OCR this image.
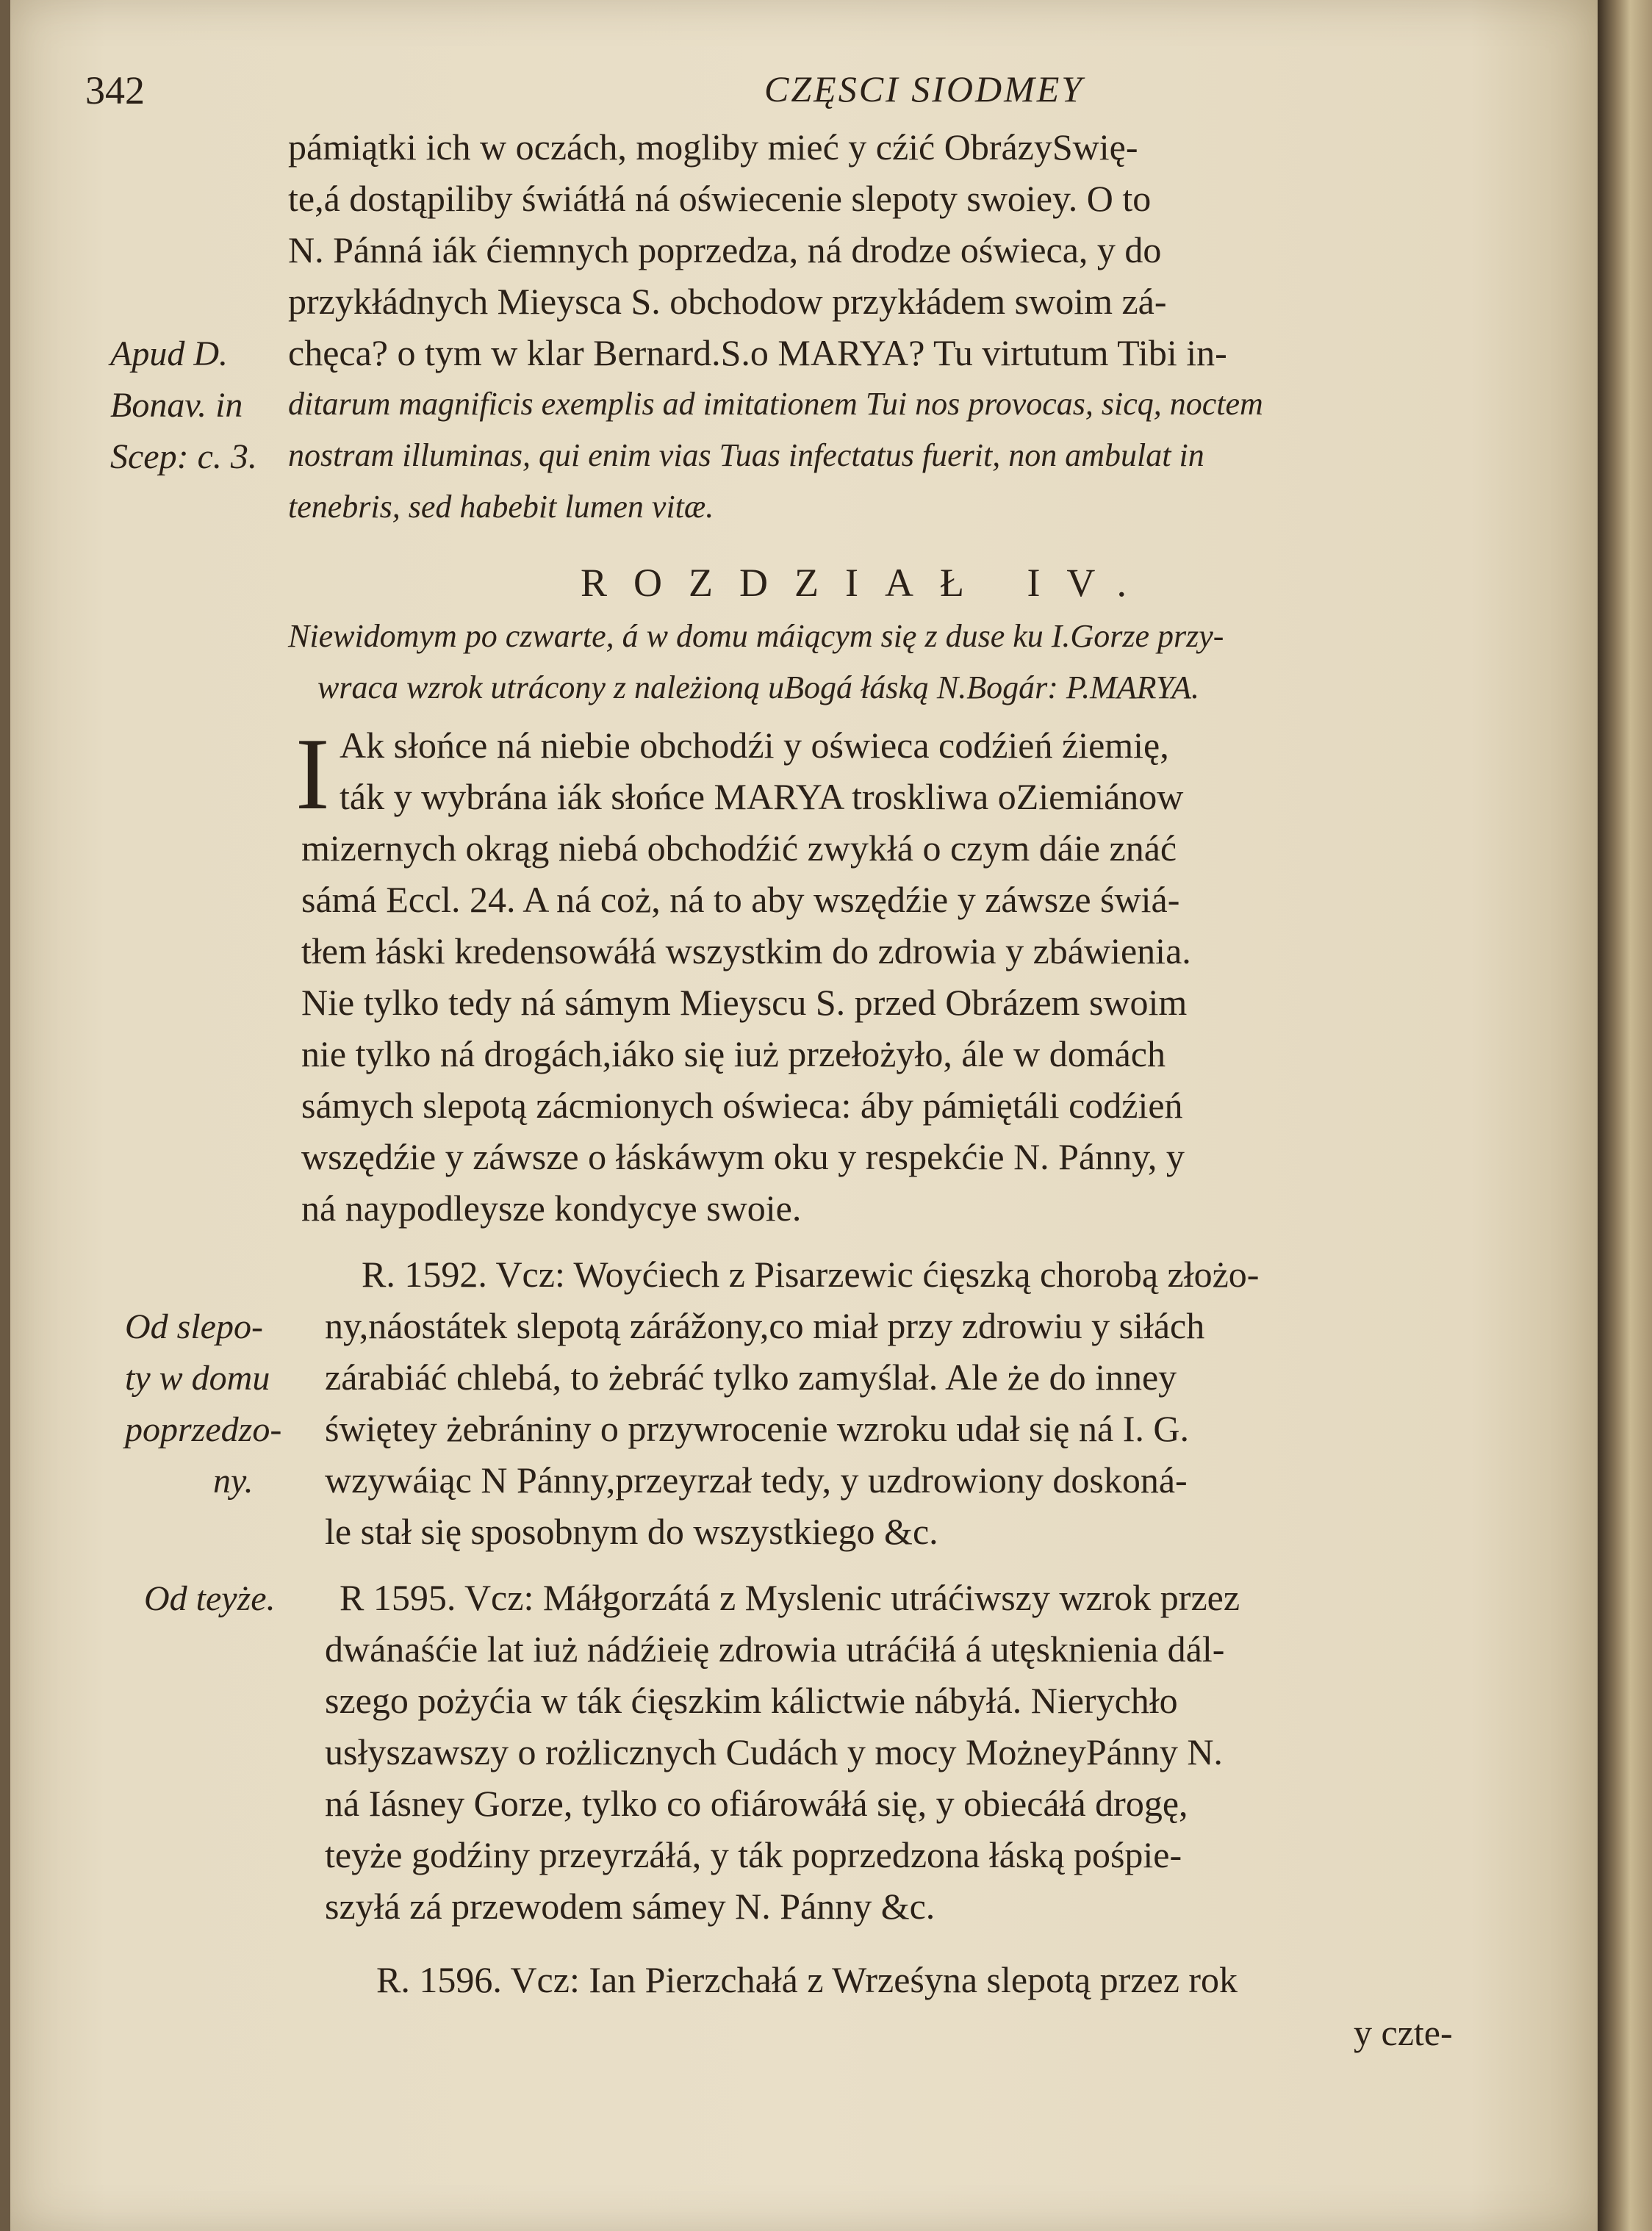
342	CZĘSCI SIODMEY
pámiątki ich w oczách, mogliby mieć y cźić ObrázySwię-
te,á dostąpiliby świátłá ná oświecenie slepoty swoiey. O to
N. Pánná iák ćiemnych poprzedza, ná drodze oświeca, y do
przykłádnych Mieysca S. obchodow przykłádem swoim zá-
chęca? o tym w klar Bernard.S.o MARYA? Tu virtutum Tibi in-
ditarum magnificis exemplis ad imitationem Tui nos provocas, sicq, noctem
nostram illuminas, qui enim vias Tuas infectatus fuerit, non ambulat in
tenebris, sed habebit lumen vitæ.
ROZDZIAŁ IV.
Niewidomym po czwarte, á w domu máiącym się z duse ku I.Gorze przy-
wraca wzrok utrácony z należioną uBogá łáską N.Bogár: P.MARYA.
I Ak słońce ná niebie obchodźi y oświeca codźień źiemię,
ták y wybrána iák słońce MARYA troskliwa oZiemiánow
mizernych okrąg niebá obchodźić zwykłá o czym dáie znáć
sámá Eccl. 24. A ná coż, ná to aby wszędźie y záwsze świá-
tłem łáski kredensowáłá wszystkim do zdrowia y zbáwienia.
Nie tylko tedy ná sámym Mieyscu S. przed Obrázem swoim
nie tylko ná drogách,iáko się iuż przełożyło, ále w domách
sámych slepotą zácmionych oświeca: áby pámiętáli codźień
wszędźie y záwsze o łáskáwym oku y respekćie N. Pánny, y
ná naypodleysze kondycye swoie.
R. 1592. Vcz: Woyćiech z Pisarzewic ćięszką chorobą złożo-
ny,náostátek slepotą zárážony,co miał przy zdrowiu y siłách
zárabiáć chlebá, to żebráć tylko zamyślał. Ale że do inney
świętey żebrániny o przywrocenie wzroku udał się ná I. G.
wzywáiąc N Pánny,przeyrzał tedy, y uzdrowiony doskoná-
le stał się sposobnym do wszystkiego &c.
R 1595. Vcz: Máłgorzátá z Myslenic utráćiwszy wzrok przez
dwánaśćie lat iuż nádźieię zdrowia utráćiłá á utęsknienia dál-
szego pożyćia w ták ćięszkim kálictwie nábyłá. Nierychło
usłyszawszy o rożlicznych Cudách y mocy MożneyPánny N.
ná Iásney Gorze, tylko co ofiárowáłá się, y obiecáłá drogę,
teyże godźiny przeyrzáłá, y ták poprzedzona łáską pośpie-
szyłá zá przewodem sámey N. Pánny &c.
R. 1596. Vcz: Ian Pierzchałá z Wrześyna slepotą przez rok
y czte-
Apud D.
Bonav. in
Scep: c. 3.
Od slepo-
ty w domu
poprzedzo-
ny.
Od teyże.
